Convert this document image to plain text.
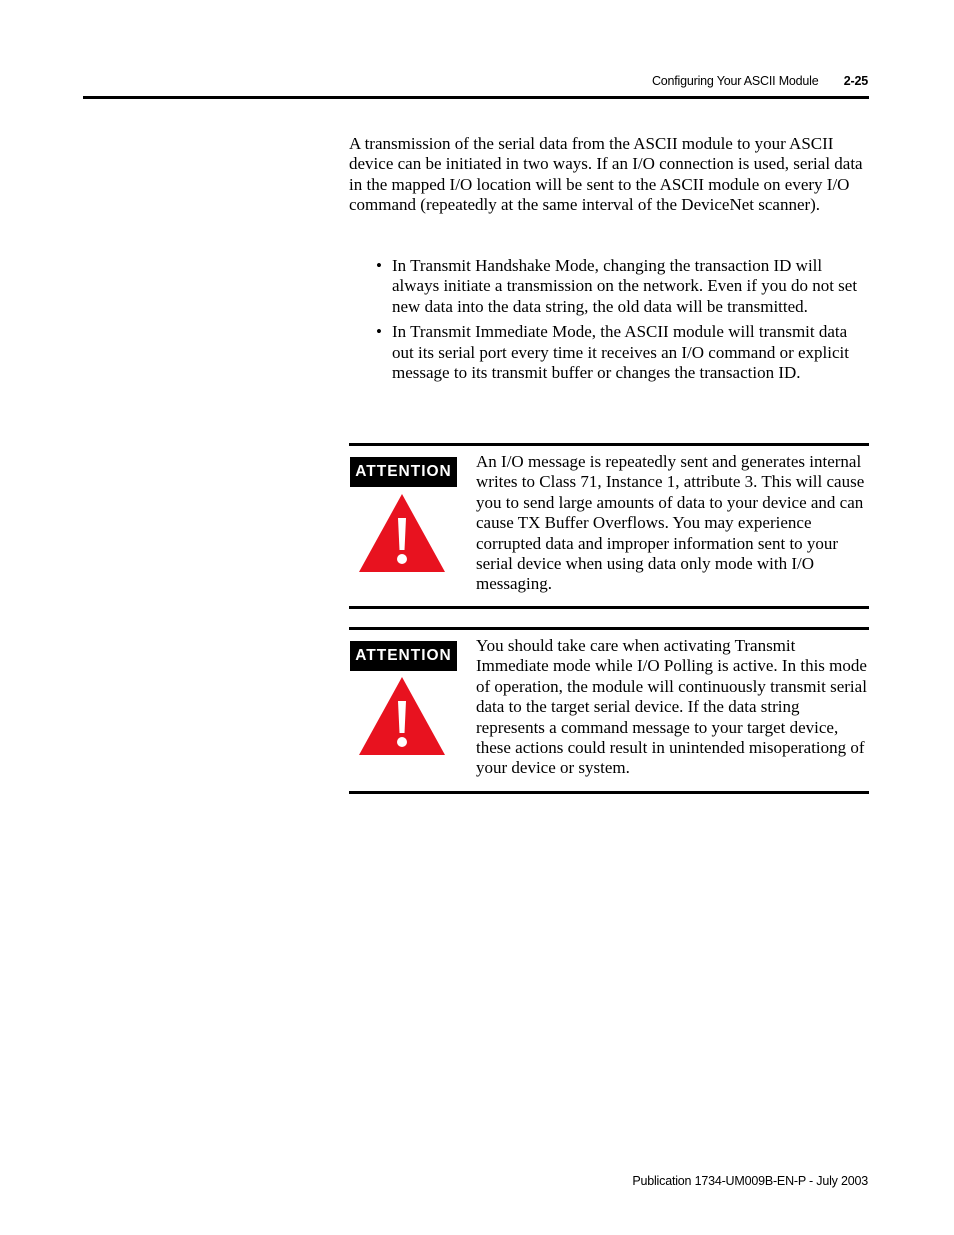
Configuring Your ASCII Module 2-25

A transmission of the serial data from the ASCII module to your ASCII device can be initiated in two ways. If an I/O connection is used, serial data in the mapped I/O location will be sent to the ASCII module on every I/O command (repeatedly at the same interval of the DeviceNet scanner).

• In Transmit Handshake Mode, changing the transaction ID will always initiate a transmission on the network. Even if you do not set new data into the data string, the old data will be transmitted.
• In Transmit Immediate Mode, the ASCII module will transmit data out its serial port every time it receives an I/O command or explicit message to its transmit buffer or changes the transaction ID.
ATTENTION

An I/O message is repeatedly sent and generates internal writes to Class 71, Instance 1, attribute 3. This will cause you to send large amounts of data to your device and can cause TX Buffer Overflows. You may experience corrupted data and improper information sent to your serial device when using data only mode with I/O messaging.

ATTENTION

You should take care when activating Transmit Immediate mode while I/O Polling is active. In this mode of operation, the module will continuously transmit serial data to the target serial device. If the data string represents a command message to your target device, these actions could result in unintended misoperationg of your device or system.

Publication 1734-UM009B-EN-P - July 2003
